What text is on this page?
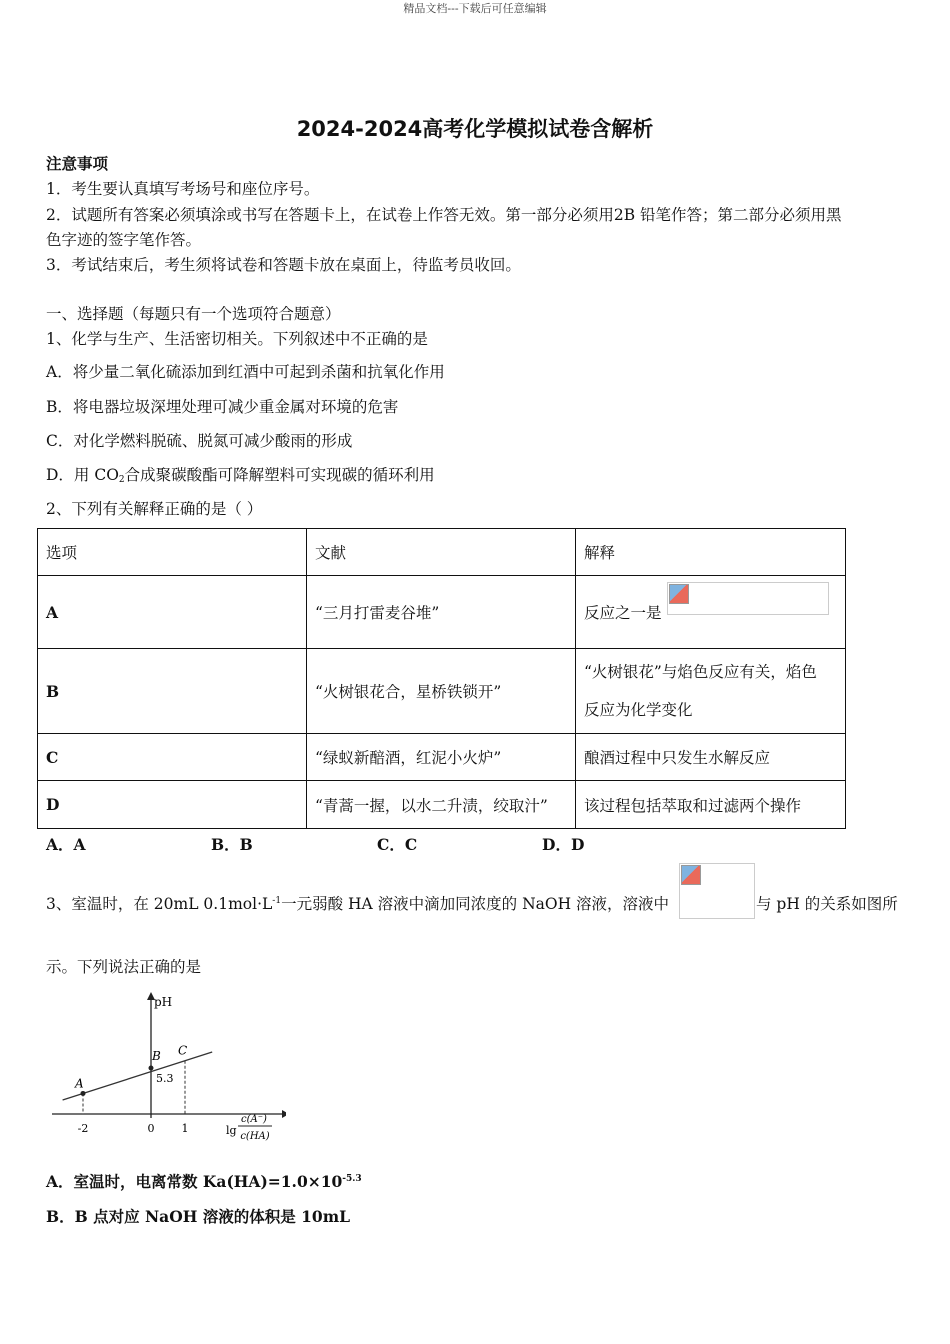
精品文档---下载后可任意编辑
2024-2024高考化学模拟试卷含解析
注意事项
1．考生要认真填写考场号和座位序号。
2．试题所有答案必须填涂或书写在答题卡上，在试卷上作答无效。第一部分必须用2B 铅笔作答；第二部分必须用黑
色字迹的签字笔作答。
3．考试结束后，考生须将试卷和答题卡放在桌面上，待监考员收回。
一、选择题（每题只有一个选项符合题意）
1、化学与生产、生活密切相关。下列叙述中不正确的是
A．将少量二氧化硫添加到红酒中可起到杀菌和抗氧化作用
B．将电器垃圾深埋处理可减少重金属对环境的危害
C．对化学燃料脱硫、脱氮可减少酸雨的形成
D．用 $CO_2$合成聚碳酸酯可降解塑料可实现碳的循环利用
2、下列有关解释正确的是（ ）
选项	文献	解释
A	“三月打雷麦谷堆”	反应之一是
B	“火树银花合，星桥铁锁开”	“火树银花”与焰色反应有关，焰色
反应为化学变化

C	“绿蚁新醅酒，红泥小火炉”	酿酒过程中只发生水解反应
D	“青蒿一握，以水二升渍，绞取汁”	该过程包括萃取和过滤两个操作
A．A	B．B	C．C	D．D
3、室温时，在 20mL $0.1mol\cdot L^{-1}$一元弱酸 HA 溶液中滴加同浓度的 NaOH 溶液，溶液中	与 pH 的关系如图所
示。下列说法正确的是
pH
A
B C
5.3
-2	0 1	lg
c(A⁻)
c(HA)
A．室温时，电离常数 $Ka(HA)=1.0\times 10^{-5.3}$
B．B 点对应 NaOH 溶液的体积是 10mL
